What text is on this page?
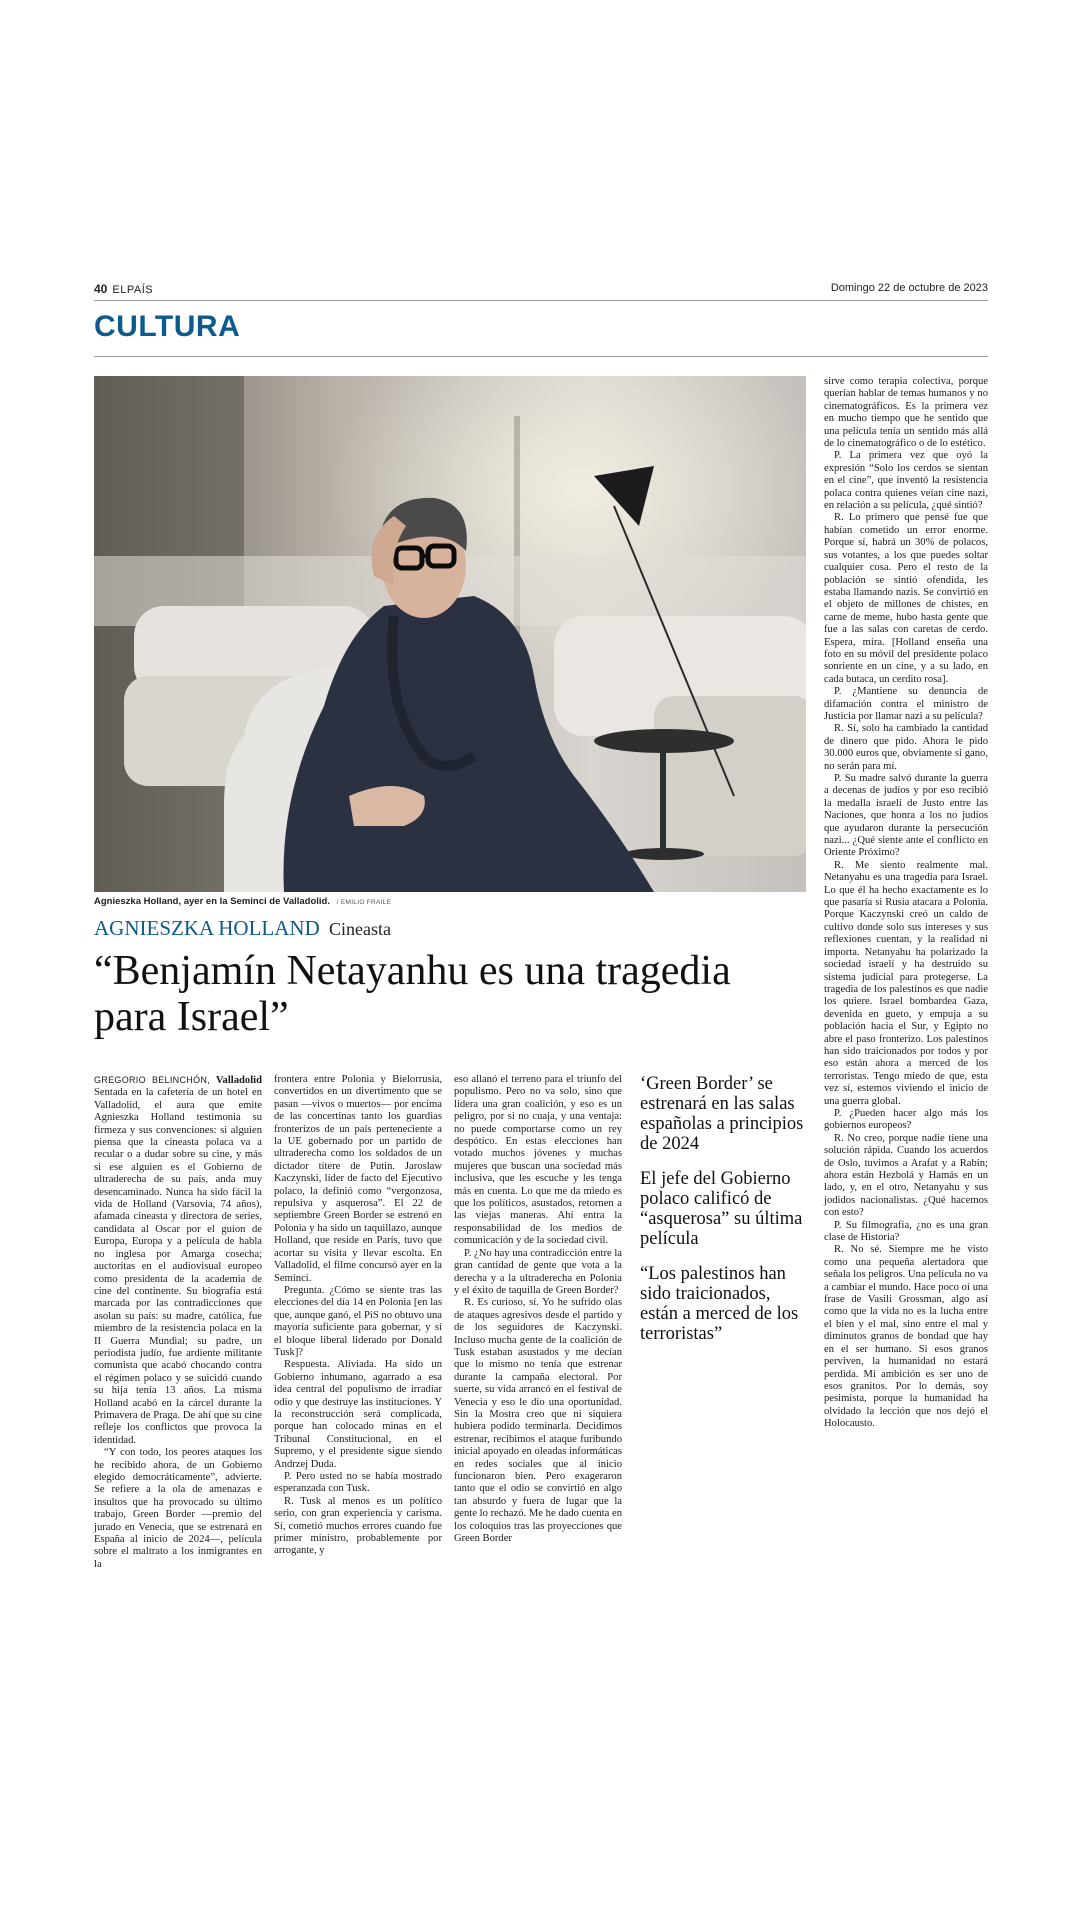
40 ELPAÍS	Domingo 22 de octubre de 2023
CULTURA
Agnieszka Holland, ayer en la Seminci de Valladolid. / EMILIO FRAILE
AGNIESZKA HOLLAND Cineasta
“Benjamín Netayanhu es una tragedia para Israel”

GREGORIO BELINCHÓN, Valladolid Sentada en la cafetería de un hotel en Valladolid, el aura que emite Agnieszka Holland testimonia su firmeza y sus convenciones: si alguien piensa que la cineasta polaca va a recular o a dudar sobre su cine, y más si ese alguien es el Gobierno de ultraderecha de su país, anda muy desencaminado. Nunca ha sido fácil la vida de Holland (Varsovia, 74 años), afamada cineasta y directora de series, candidata al Oscar por el guion de Europa, Europa y a película de habla no inglesa por Amarga cosecha; auctoritas en el audiovisual europeo como presidenta de la academia de cine del continente. Su biografía está marcada por las contradicciones que asolan su país: su madre, católica, fue miembro de la resistencia polaca en la II Guerra Mundial; su padre, un periodista judío, fue ardiente militante comunista que acabó chocando contra el régimen polaco y se suicidó cuando su hija tenía 13 años. La misma Holland acabó en la cárcel durante la Primavera de Praga. De ahí que su cine refleje los conflictos que provoca la identidad.

“Y con todo, los peores ataques los he recibido ahora, de un Gobierno elegido democráticamente”, advierte. Se refiere a la ola de amenazas e insultos que ha provocado su último trabajo, Green Border —premio del jurado en Venecia, que se estrenará en España al inicio de 2024—, película sobre el maltrato a los inmigrantes en la

frontera entre Polonia y Bielorrusia, convertidos en un divertimento que se pasan —vivos o muertos— por encima de las concertinas tanto los guardias fronterizos de un país perteneciente a la UE gobernado por un partido de ultraderecha como los soldados de un dictador títere de Putin. Jaroslaw Kaczynski, líder de facto del Ejecutivo polaco, la definió como “vergonzosa, repulsiva y asquerosa”. El 22 de septiembre Green Border se estrenó en Polonia y ha sido un taquillazo, aunque Holland, que reside en París, tuvo que acortar su visita y llevar escolta. En Valladolid, el filme concursó ayer en la Seminci.

Pregunta. ¿Cómo se siente tras las elecciones del día 14 en Polonia [en las que, aunque ganó, el PiS no obtuvo una mayoría suficiente para gobernar, y sí el bloque liberal liderado por Donald Tusk]?

Respuesta. Aliviada. Ha sido un Gobierno inhumano, agarrado a esa idea central del populismo de irradiar odio y que destruye las instituciones. Y la reconstrucción será complicada, porque han colocado minas en el Tribunal Constitucional, en el Supremo, y el presidente sigue siendo Andrzej Duda.

P. Pero usted no se había mostrado esperanzada con Tusk.

R. Tusk al menos es un político serio, con gran experiencia y carisma. Sí, cometió muchos errores cuando fue primer ministro, probablemente por arrogante, y

eso allanó el terreno para el triunfo del populismo. Pero no va solo, sino que lidera una gran coalición, y eso es un peligro, por si no cuaja, y una ventaja: no puede comportarse como un rey despótico. En estas elecciones han votado muchos jóvenes y muchas mujeres que buscan una sociedad más inclusiva, que les escuche y les tenga más en cuenta. Lo que me da miedo es que los políticos, asustados, retornen a las viejas maneras. Ahí entra la responsabilidad de los medios de comunicación y de la sociedad civil.

P. ¿No hay una contradicción entre la gran cantidad de gente que vota a la derecha y a la ultraderecha en Polonia y el éxito de taquilla de Green Border?

R. Es curioso, sí. Yo he sufrido olas de ataques agresivos desde el partido y de los seguidores de Kaczynski. Incluso mucha gente de la coalición de Tusk estaban asustados y me decían que lo mismo no tenía que estrenar durante la campaña electoral. Por suerte, su vida arrancó en el festival de Venecia y eso le dio una oportunidad. Sin la Mostra creo que ni siquiera hubiera podido terminarla. Decidimos estrenar, recibimos el ataque furibundo inicial apoyado en oleadas informáticas en redes sociales que al inicio funcionaron bien. Pero exageraron tanto que el odio se convirtió en algo tan absurdo y fuera de lugar que la gente lo rechazó. Me he dado cuenta en los coloquios tras las proyecciones que Green Border

‘Green Border’ se estrenará en las salas españolas a principios de 2024
El jefe del Gobierno polaco calificó de “asquerosa” su última película
“Los palestinos han sido traicionados, están a merced de los terroristas”

sirve como terapia colectiva, porque querían hablar de temas humanos y no cinematográficos. Es la primera vez en mucho tiempo que he sentido que una película tenía un sentido más allá de lo cinematográfico o de lo estético.

P. La primera vez que oyó la expresión “Solo los cerdos se sientan en el cine”, que inventó la resistencia polaca contra quienes veían cine nazi, en relación a su película, ¿qué sintió?

R. Lo primero que pensé fue que habían cometido un error enorme. Porque sí, habrá un 30% de polacos, sus votantes, a los que puedes soltar cualquier cosa. Pero el resto de la población se sintió ofendida, les estaba llamando nazis. Se convirtió en el objeto de millones de chistes, en carne de meme, hubo hasta gente que fue a las salas con caretas de cerdo. Espera, mira. [Holland enseña una foto en su móvil del presidente polaco sonriente en un cine, y a su lado, en cada butaca, un cerdito rosa].

P. ¿Mantiene su denuncia de difamación contra el ministro de Justicia por llamar nazi a su película?

R. Sí, solo ha cambiado la cantidad de dinero que pido. Ahora le pido 30.000 euros que, obviamente si gano, no serán para mí.

P. Su madre salvó durante la guerra a decenas de judíos y por eso recibió la medalla israelí de Justo entre las Naciones, que honra a los no judíos que ayudaron durante la persecución nazi... ¿Qué siente ante el conflicto en Oriente Próximo?

R. Me siento realmente mal. Netanyahu es una tragedia para Israel. Lo que él ha hecho exactamente es lo que pasaría si Rusia atacara a Polonia. Porque Kaczynski creó un caldo de cultivo donde solo sus intereses y sus reflexiones cuentan, y la realidad ni importa. Netanyahu ha polarizado la sociedad israelí y ha destruido su sistema judicial para protegerse. La tragedia de los palestinos es que nadie los quiere. Israel bombardea Gaza, devenida en gueto, y empuja a su población hacia el Sur, y Egipto no abre el paso fronterizo. Los palestinos han sido traicionados por todos y por eso están ahora a merced de los terroristas. Tengo miedo de que, esta vez sí, estemos viviendo el inicio de una guerra global.

P. ¿Pueden hacer algo más los gobiernos europeos?

R. No creo, porque nadie tiene una solución rápida. Cuando los acuerdos de Oslo, tuvimos a Arafat y a Rabin; ahora están Hezbolá y Hamás en un lado, y, en el otro, Netanyahu y sus jodidos nacionalistas. ¿Qué hacemos con esto?

P. Su filmografía, ¿no es una gran clase de Historia?

R. No sé. Siempre me he visto como una pequeña alertadora que señala los peligros. Una película no va a cambiar el mundo. Hace poco oí una frase de Vasili Grossman, algo así como que la vida no es la lucha entre el bien y el mal, sino entre el mal y diminutos granos de bondad que hay en el ser humano. Si esos granos perviven, la humanidad no estará perdida. Mi ambición es ser uno de esos granitos. Por lo demás, soy pesimista, porque la humanidad ha olvidado la lección que nos dejó el Holocausto.
